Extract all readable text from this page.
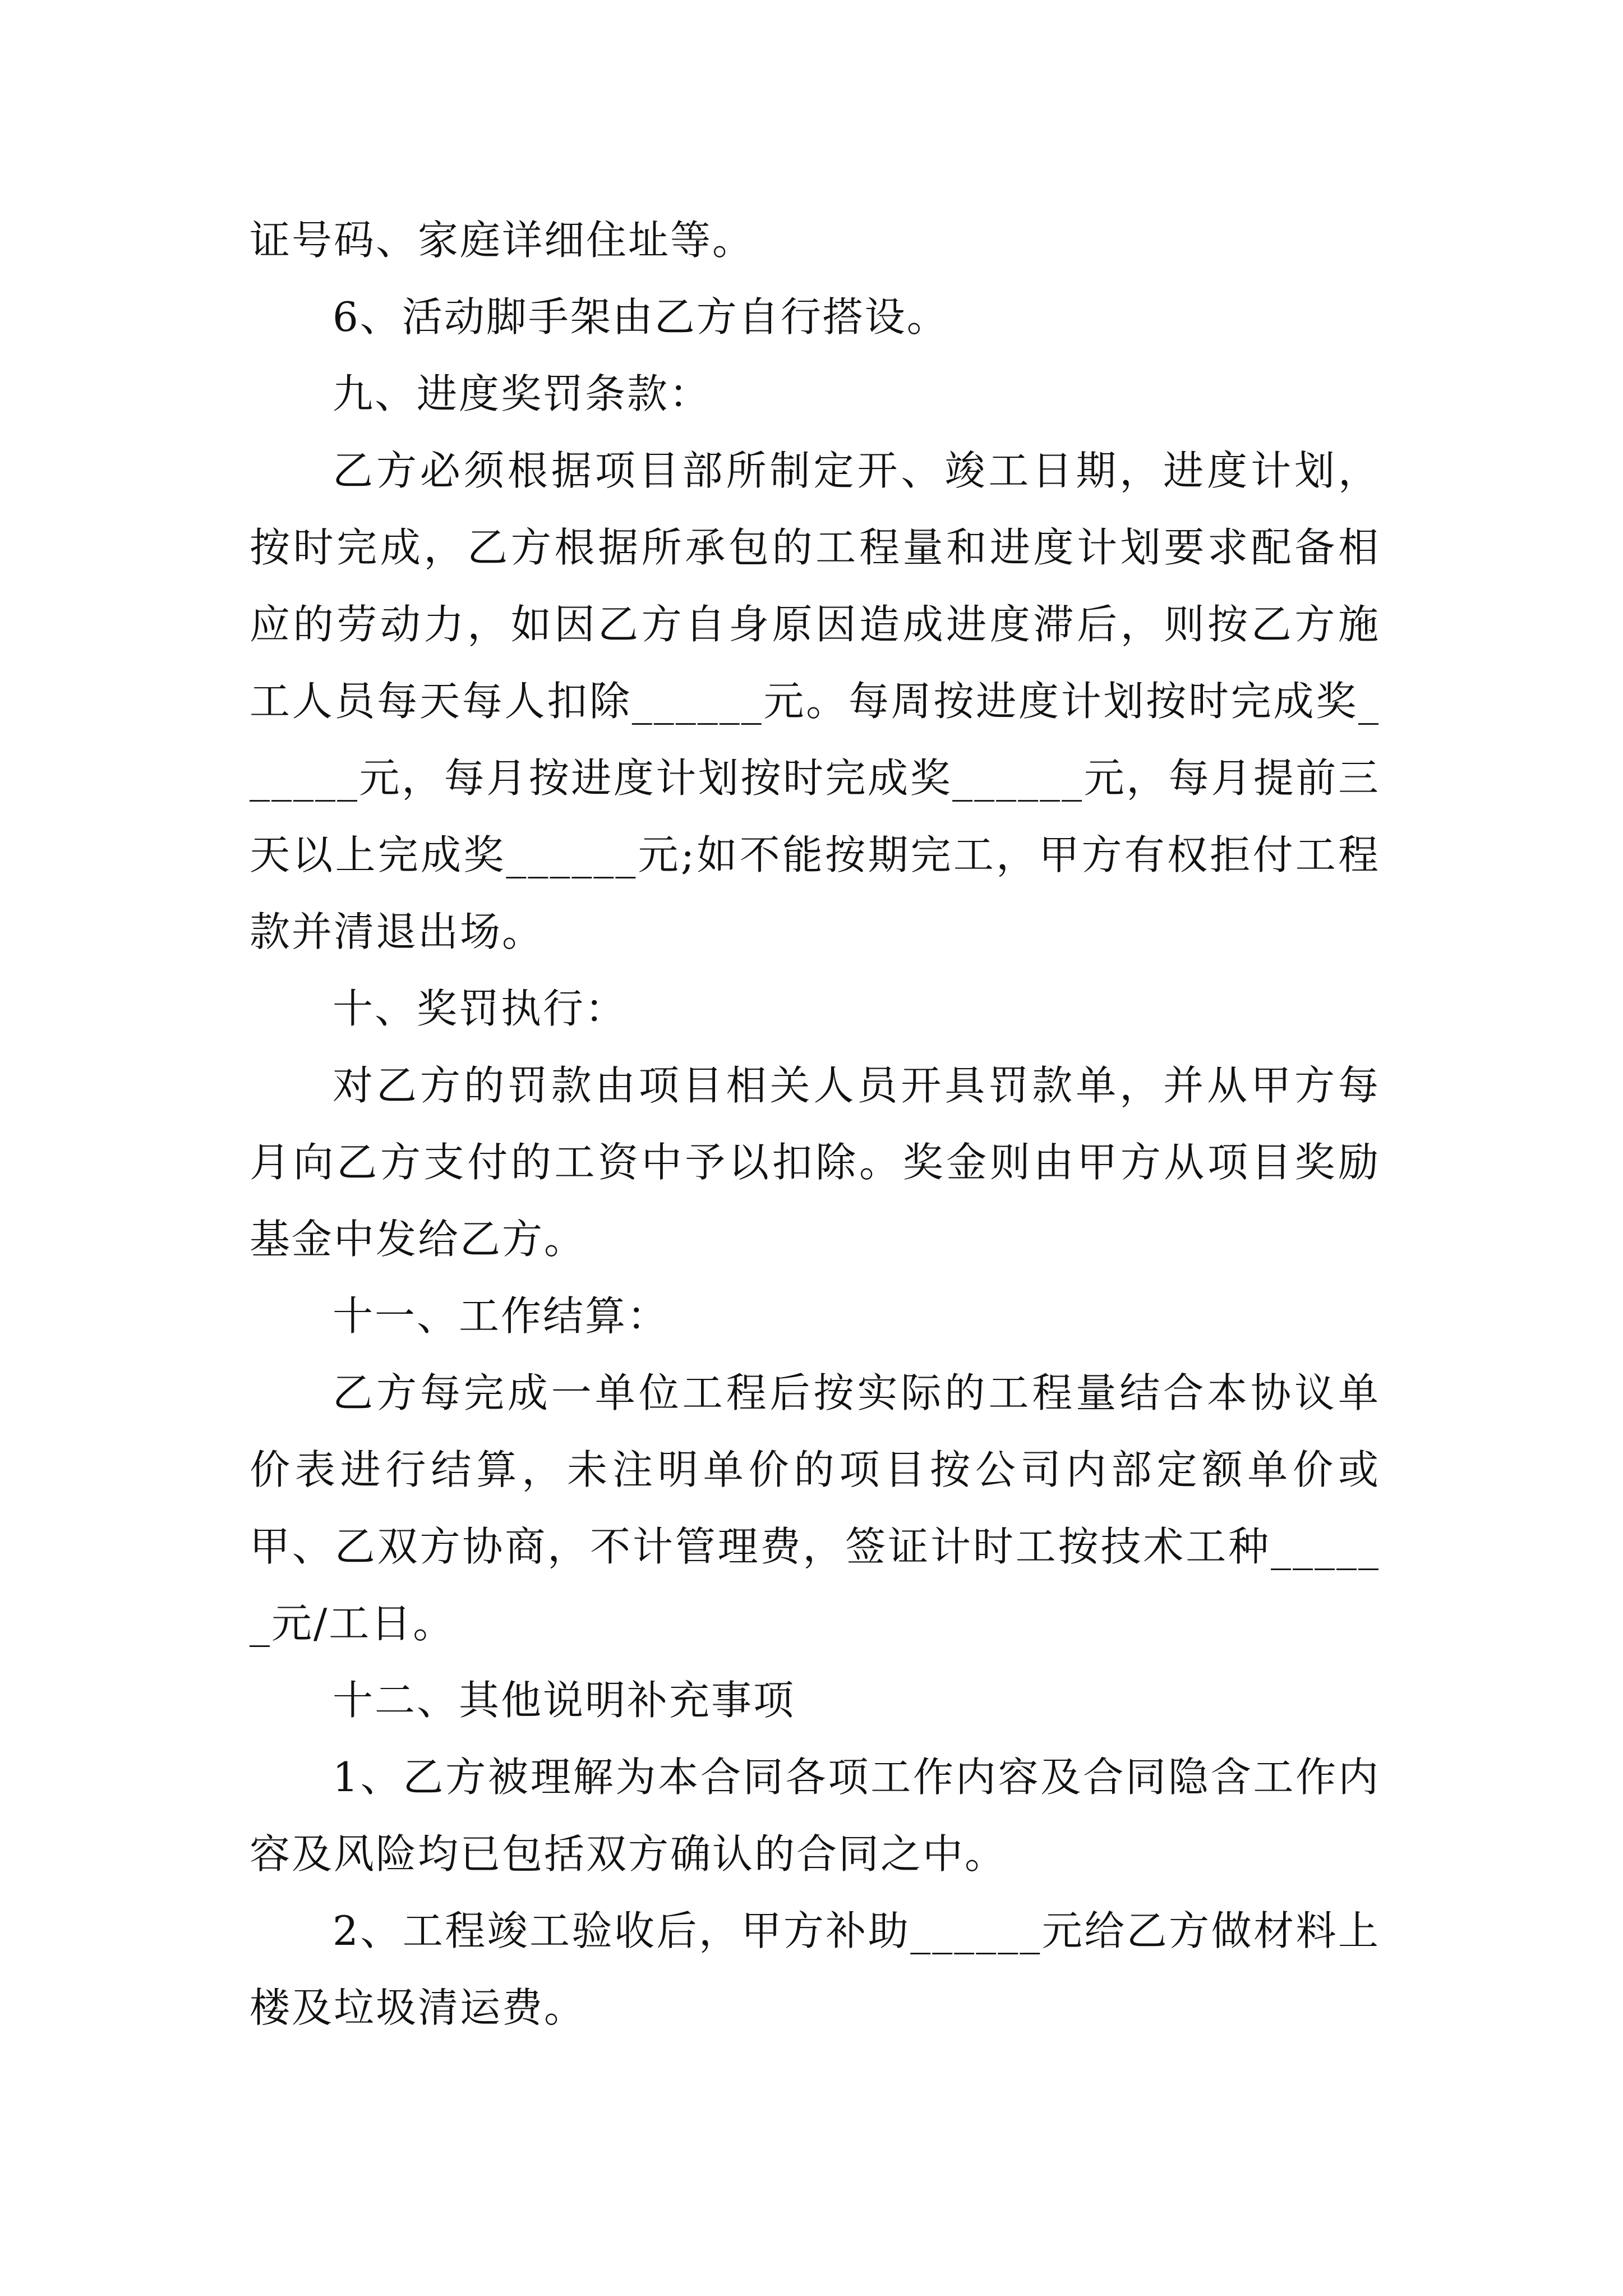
证号码、家庭详细住址等。

6、活动脚手架由乙方自行搭设。

九、进度奖罚条款：

乙方必须根据项目部所制定开、竣工日期，进度计划，按时完成，乙方根据所承包的工程量和进度计划要求配备相应的劳动力，如因乙方自身原因造成进度滞后，则按乙方施工人员每天每人扣除______元。每周按进度计划按时完成奖______元，每月按进度计划按时完成奖______元，每月提前三天以上完成奖______元;如不能按期完工，甲方有权拒付工程款并清退出场。

十、奖罚执行：

对乙方的罚款由项目相关人员开具罚款单，并从甲方每月向乙方支付的工资中予以扣除。奖金则由甲方从项目奖励基金中发给乙方。

十一、工作结算：

乙方每完成一单位工程后按实际的工程量结合本协议单价表进行结算，未注明单价的项目按公司内部定额单价或甲、乙双方协商，不计管理费，签证计时工按技术工种______元/工日。

十二、其他说明补充事项

1、乙方被理解为本合同各项工作内容及合同隐含工作内容及风险均已包括双方确认的合同之中。

2、工程竣工验收后，甲方补助______元给乙方做材料上楼及垃圾清运费。
